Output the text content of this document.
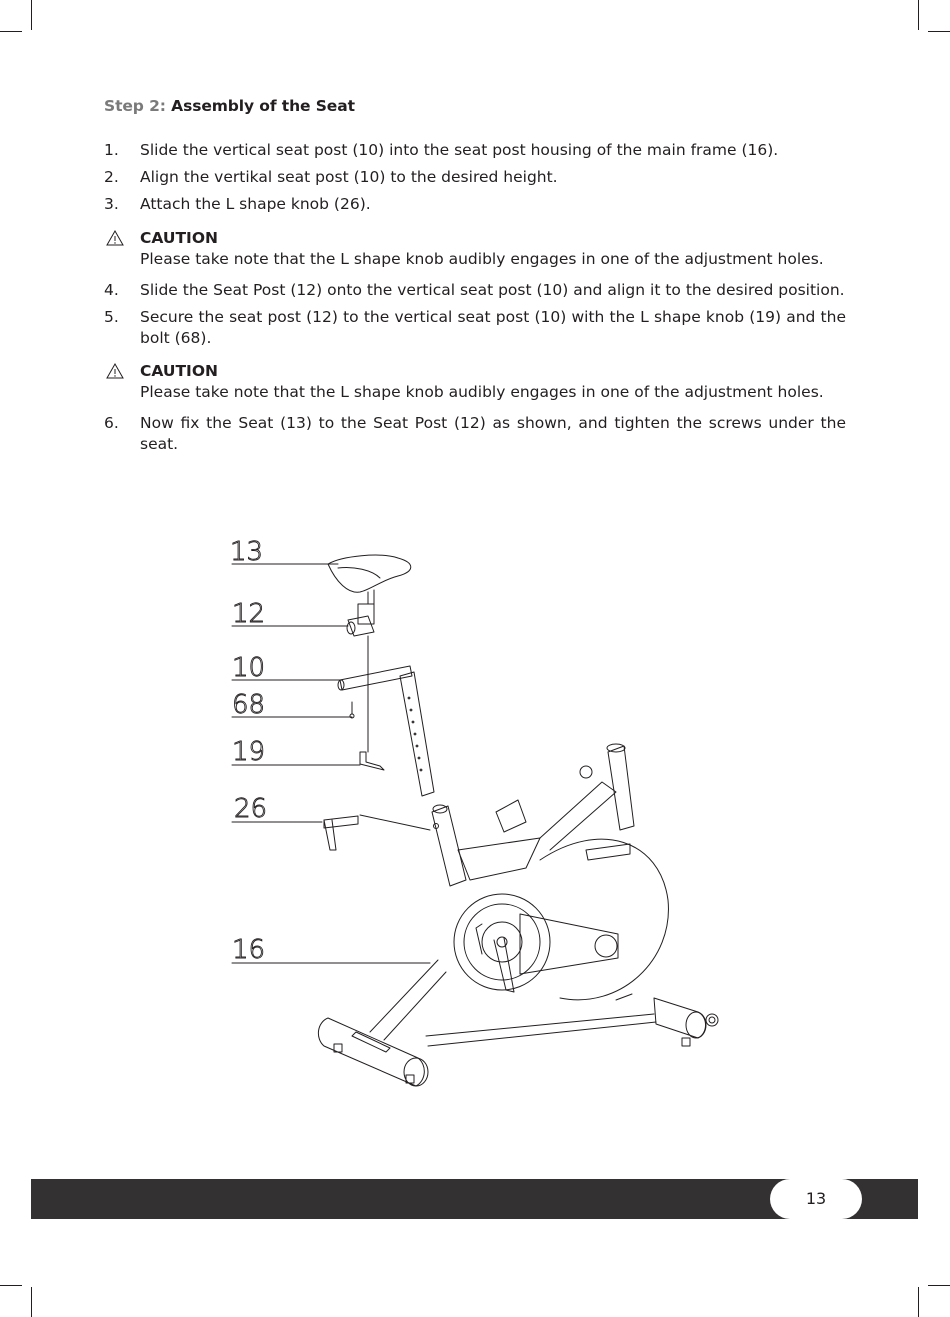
Step 2: Assembly of the Seat
1. Slide the vertical seat post (10) into the seat post housing of the main frame (16).
2. Align the vertikal seat post (10) to the desired height.
3. Attach the L shape knob (26).
CAUTION
Please take note that the L shape knob audibly engages in one of the adjustment holes.
4. Slide the Seat Post (12) onto the vertical seat post (10) and align it to the desired position.
5. Secure the seat post (12) to the vertical seat post (10) with the L shape knob (19) and the bolt (68).
CAUTION
Please take note that the L shape knob audibly engages in one of the adjustment holes.
6. Now fix the Seat (13) to the Seat Post (12) as shown, and tighten the screws under the seat.
13
12
10
68
19
26
16
13
